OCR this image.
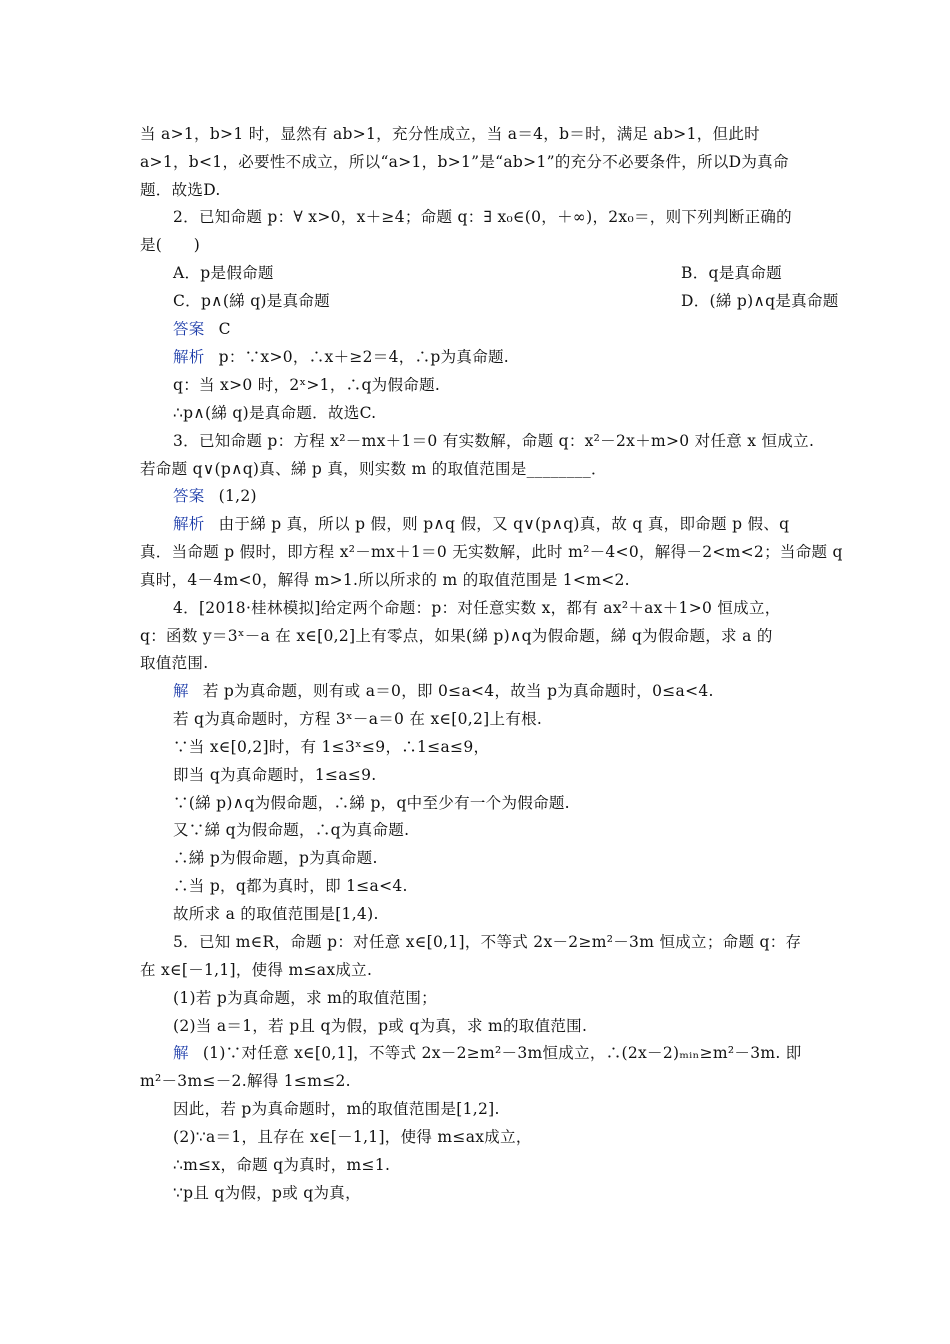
当 a>1，b>1 时，显然有 ab>1，充分性成立，当 a＝4，b＝时，满足 ab>1，但此时
a>1，b<1，必要性不成立，所以“a>1，b>1”是“ab>1”的充分不必要条件，所以D为真命
题．故选D.
2．已知命题 p：∀ x>0，x＋≥4；命题 q：∃ x₀∈(0，＋∞)，2x₀＝，则下列判断正确的
是(　　)
A．p是假命题	B．q是真命题
C．p∧(綈 q)是真命题	D．(綈 p)∧q是真命题
答案 C
解析 p：∵x>0，∴x＋≥2＝4，∴p为真命题.
q：当 x>0 时，2ˣ>1，∴q为假命题.
∴p∧(綈 q)是真命题．故选C.
3．已知命题 p：方程 x²－mx＋1＝0 有实数解，命题 q：x²－2x＋m>0 对任意 x 恒成立.
若命题 q∨(p∧q)真、綈 p 真，则实数 m 的取值范围是________．
答案 (1,2)
解析 由于綈 p 真，所以 p 假，则 p∧q 假，又 q∨(p∧q)真，故 q 真，即命题 p 假、q
真．当命题 p 假时，即方程 x²－mx＋1＝0 无实数解，此时 m²－4<0，解得－2<m<2；当命题 q
真时，4－4m<0，解得 m>1.所以所求的 m 的取值范围是 1<m<2.
4．[2018·桂林模拟]给定两个命题：p：对任意实数 x，都有 ax²＋ax＋1>0 恒成立，
q：函数 y＝3ˣ－a 在 x∈[0,2]上有零点，如果(綈 p)∧q为假命题，綈 q为假命题，求 a 的
取值范围.
解 若 p为真命题，则有或 a＝0，即 0≤a<4，故当 p为真命题时，0≤a<4.
若 q为真命题时，方程 3ˣ－a＝0 在 x∈[0,2]上有根.
∵当 x∈[0,2]时，有 1≤3ˣ≤9，∴1≤a≤9，
即当 q为真命题时，1≤a≤9.
∵(綈 p)∧q为假命题，∴綈 p，q中至少有一个为假命题.
又∵綈 q为假命题，∴q为真命题.
∴綈 p为假命题，p为真命题.
∴当 p，q都为真时，即 1≤a<4.
故所求 a 的取值范围是[1,4).
5．已知 m∈R，命题 p：对任意 x∈[0,1]，不等式 2x－2≥m²－3m 恒成立；命题 q：存
在 x∈[－1,1]，使得 m≤ax成立.
(1)若 p为真命题，求 m的取值范围；
(2)当 a＝1，若 p且 q为假，p或 q为真，求 m的取值范围.
解 (1)∵对任意 x∈[0,1]，不等式 2x－2≥m²－3m恒成立，∴(2x－2)ₘᵢₙ≥m²－3m. 即
m²－3m≤－2.解得 1≤m≤2.
因此，若 p为真命题时，m的取值范围是[1,2].
(2)∵a＝1，且存在 x∈[－1,1]，使得 m≤ax成立，
∴m≤x，命题 q为真时，m≤1.
∵p且 q为假，p或 q为真，
